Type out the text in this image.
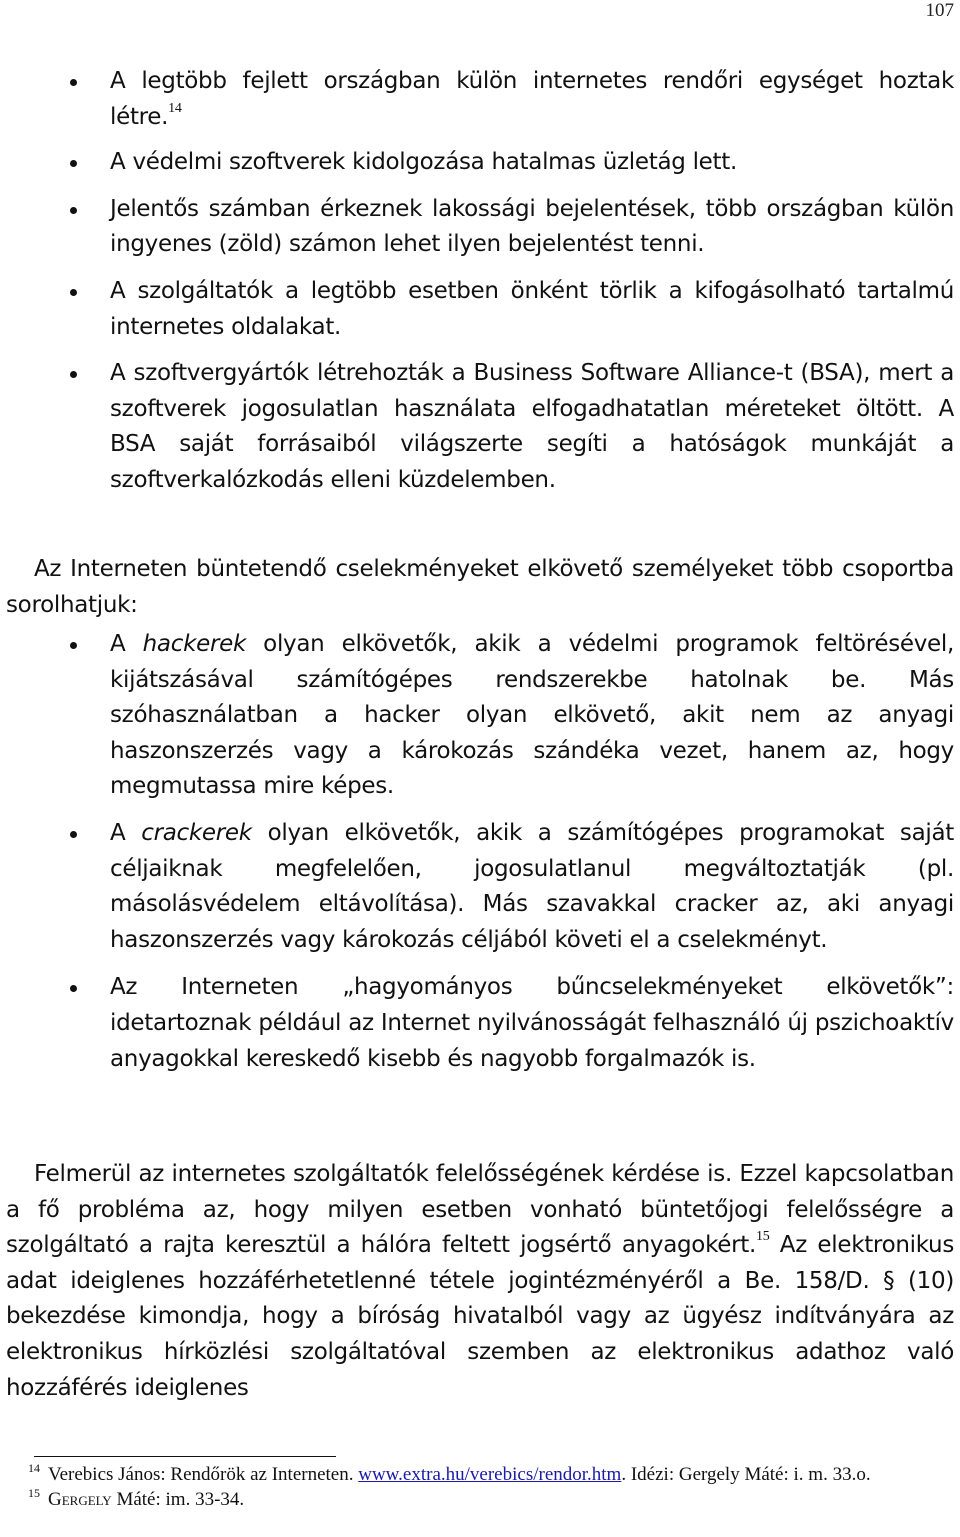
107
A legtöbb fejlett országban külön internetes rendőri egységet hoztak létre.$^{14}$
A védelmi szoftverek kidolgozása hatalmas üzletág lett.
Jelentős számban érkeznek lakossági bejelentések, több országban külön ingyenes (zöld) számon lehet ilyen bejelentést tenni.
A szolgáltatók a legtöbb esetben önként törlik a kifogásolható tartalmú internetes oldalakat.
A szoftvergyártók létrehozták a Business Software Alliance-t (BSA), mert a szoftverek jogosulatlan használata elfogadhatatlan méreteket öltött. A BSA saját forrásaiból világszerte segíti a hatóságok munkáját a szoftverkalózkodás elleni küzdelemben.
Az Interneten büntetendő cselekményeket elkövető személyeket több csoportba sorolhatjuk:
A hackerek olyan elkövetők, akik a védelmi programok feltörésével, kijátszásával számítógépes rendszerekbe hatolnak be. Más szóhasználatban a hacker olyan elkövető, akit nem az anyagi haszonszerzés vagy a károkozás szándéka vezet, hanem az, hogy megmutassa mire képes.
A crackerek olyan elkövetők, akik a számítógépes programokat saját céljaiknak megfelelően, jogosulatlanul megváltoztatják (pl. másolásvédelem eltávolítása). Más szavakkal cracker az, aki anyagi haszonszerzés vagy károkozás céljából követi el a cselekményt.
Az Interneten „hagyományos bűncselekményeket elkövetők”: idetartoznak például az Internet nyilvánosságát felhasználó új pszichoaktív anyagokkal kereskedő kisebb és nagyobb forgalmazók is.
Felmerül az internetes szolgáltatók felelősségének kérdése is. Ezzel kapcsolatban a fő probléma az, hogy milyen esetben vonható büntetőjogi felelősségre a szolgáltató a rajta keresztül a hálóra feltett jogsértő anyagokért.$^{15}$ Az elektronikus adat ideiglenes hozzáférhetetlenné tétele jogintézményéről a Be. 158/D. § (10) bekezdése kimondja, hogy a bíróság hivatalból vagy az ügyész indítványára az elektronikus hírközlési szolgáltatóval szemben az elektronikus adathoz való hozzáférés ideiglenes
$^{14}$ Verebics János: Rendőrök az Interneten. www.extra.hu/verebics/rendor.htm. Idézi: Gergely Máté: i. m. 33.o.
$^{15}$ Gergely Máté: im. 33-34.
